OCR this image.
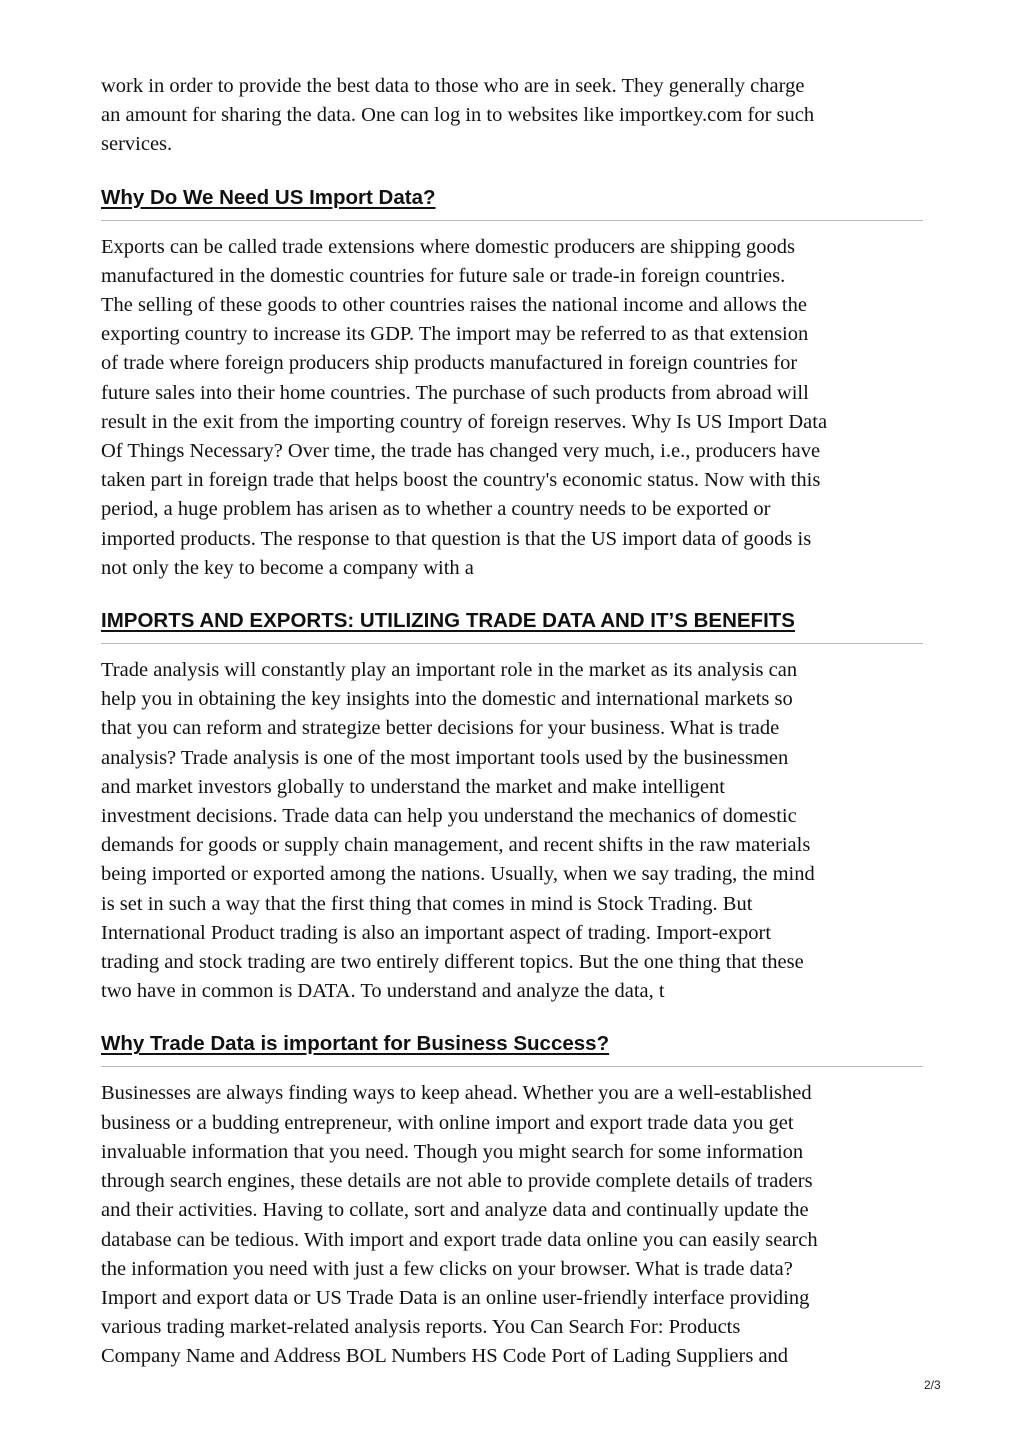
work in order to provide the best data to those who are in seek. They generally charge
an amount for sharing the data. One can log in to websites like importkey.com for such
services.

Why Do We Need US Import Data?

Exports can be called trade extensions where domestic producers are shipping goods
manufactured in the domestic countries for future sale or trade-in foreign countries.
The selling of these goods to other countries raises the national income and allows the
exporting country to increase its GDP. The import may be referred to as that extension
of trade where foreign producers ship products manufactured in foreign countries for
future sales into their home countries. The purchase of such products from abroad will
result in the exit from the importing country of foreign reserves. Why Is US Import Data
Of Things Necessary? Over time, the trade has changed very much, i.e., producers have
taken part in foreign trade that helps boost the country's economic status. Now with this
period, a huge problem has arisen as to whether a country needs to be exported or
imported products. The response to that question is that the US import data of goods is
not only the key to become a company with a

IMPORTS AND EXPORTS: UTILIZING TRADE DATA AND IT’S BENEFITS

Trade analysis will constantly play an important role in the market as its analysis can
help you in obtaining the key insights into the domestic and international markets so
that you can reform and strategize better decisions for your business. What is trade
analysis? Trade analysis is one of the most important tools used by the businessmen
and market investors globally to understand the market and make intelligent
investment decisions. Trade data can help you understand the mechanics of domestic
demands for goods or supply chain management, and recent shifts in the raw materials
being imported or exported among the nations. Usually, when we say trading, the mind
is set in such a way that the first thing that comes in mind is Stock Trading. But
International Product trading is also an important aspect of trading. Import-export
trading and stock trading are two entirely different topics. But the one thing that these
two have in common is DATA. To understand and analyze the data, t

Why Trade Data is important for Business Success?

Businesses are always finding ways to keep ahead. Whether you are a well-established
business or a budding entrepreneur, with online import and export trade data you get
invaluable information that you need. Though you might search for some information
through search engines, these details are not able to provide complete details of traders
and their activities. Having to collate, sort and analyze data and continually update the
database can be tedious. With import and export trade data online you can easily search
the information you need with just a few clicks on your browser. What is trade data?
Import and export data or US Trade Data is an online user-friendly interface providing
various trading market-related analysis reports. You Can Search For: Products
Company Name and Address BOL Numbers HS Code Port of Lading Suppliers and

2/3
